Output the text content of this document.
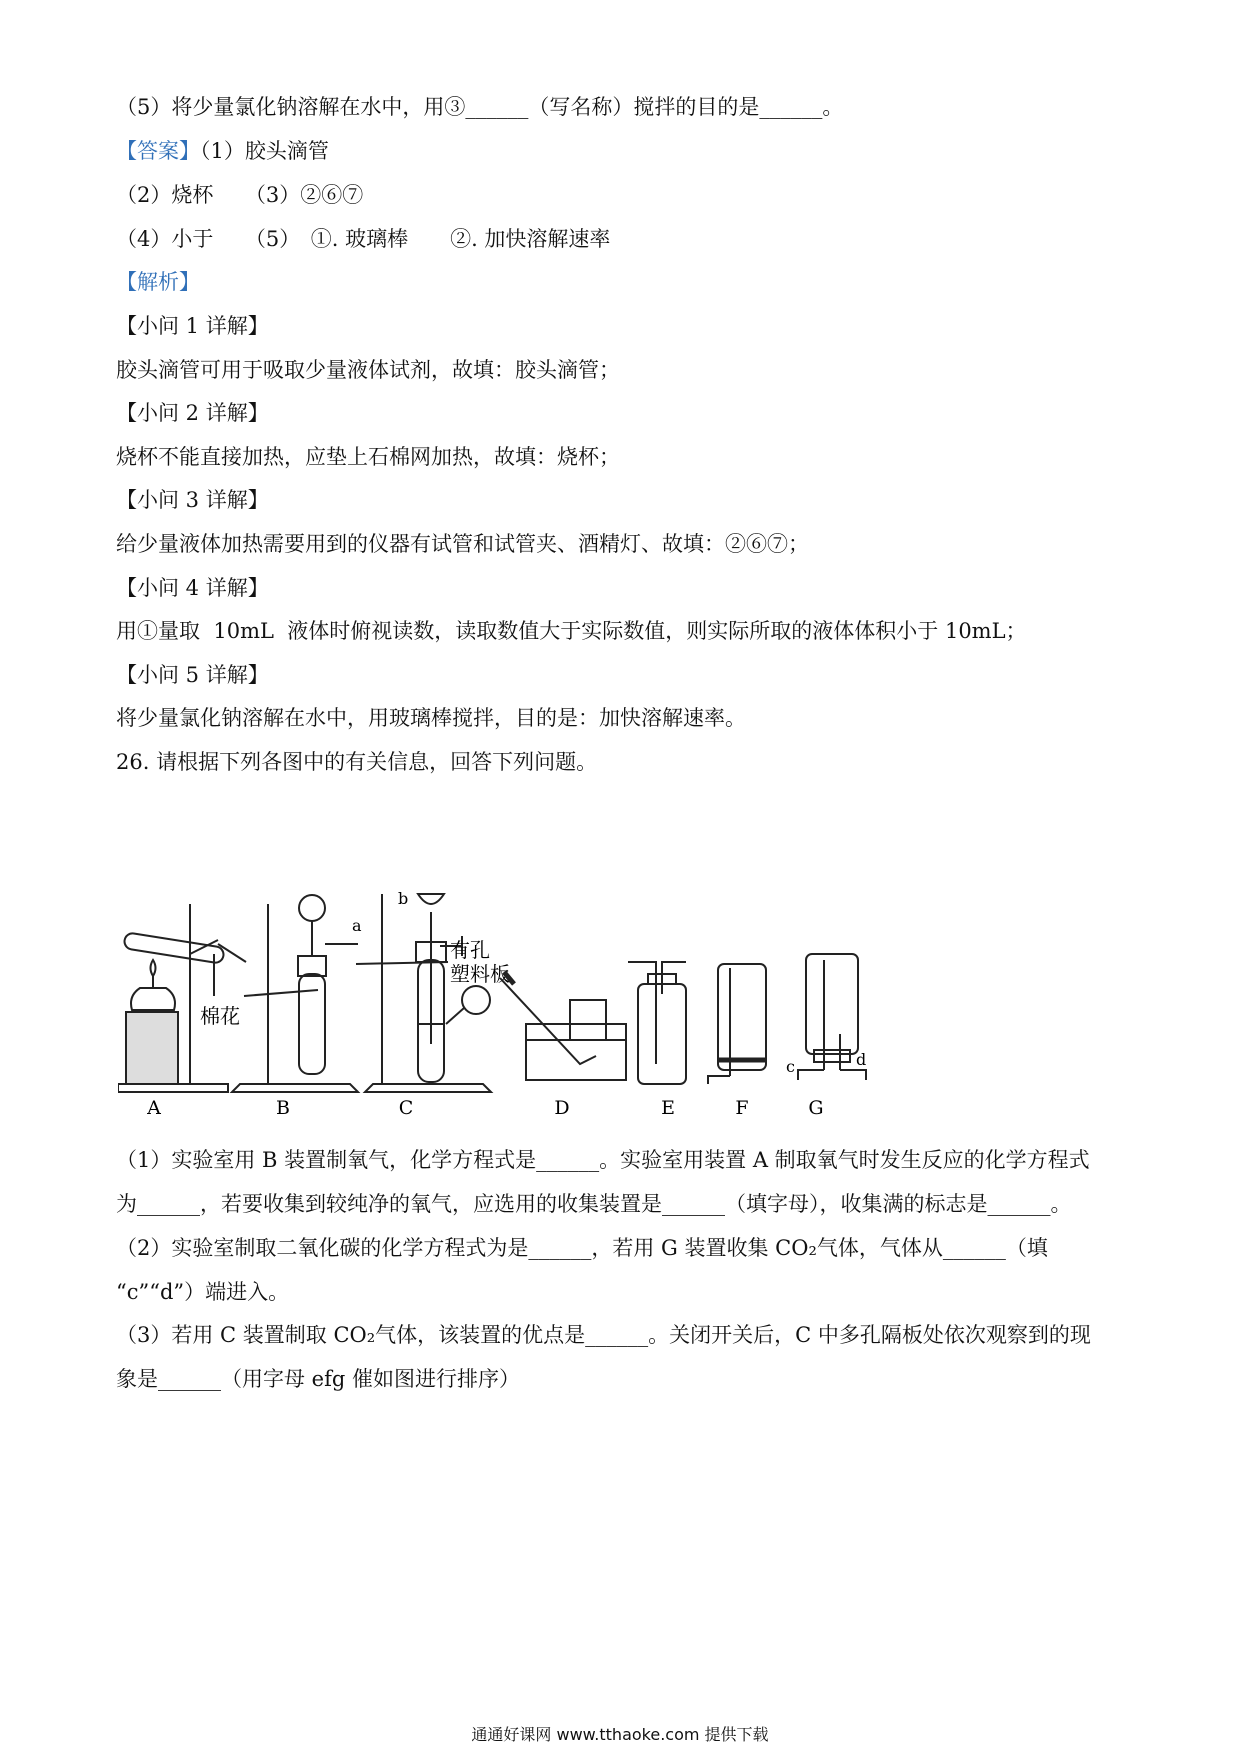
（5）将少量氯化钠溶解在水中，用③______（写名称）搅拌的目的是______。
【答案】（1）胶头滴管
（2）烧杯　　（3）②⑥⑦
（4）小于　　（5）　①. 玻璃棒　　②. 加快溶解速率
【解析】
【小问 1 详解】
胶头滴管可用于吸取少量液体试剂，故填：胶头滴管；
【小问 2 详解】
烧杯不能直接加热，应垫上石棉网加热，故填：烧杯；
【小问 3 详解】
给少量液体加热需要用到的仪器有试管和试管夹、酒精灯、故填：②⑥⑦；
【小问 4 详解】
用①量取  10mL  液体时俯视读数，读取数值大于实际数值，则实际所取的液体体积小于 10mL；
【小问 5 详解】
将少量氯化钠溶解在水中，用玻璃棒搅拌，目的是：加快溶解速率。
26. 请根据下列各图中的有关信息，回答下列问题。
棉花
a
b
有孔
塑料板
c	d
A	B	C	D	E	F	G
（1）实验室用 B 装置制氧气，化学方程式是______。实验室用装置 A 制取氧气时发生反应的化学方程式
为______，若要收集到较纯净的氧气，应选用的收集装置是______（填字母），收集满的标志是______。
（2）实验室制取二氧化碳的化学方程式为是______，若用 G 装置收集 CO₂气体，气体从______（填
“c”“d”）端进入。
（3）若用 C 装置制取 CO₂气体，该装置的优点是______。关闭开关后，C 中多孔隔板处依次观察到的现
象是______（用字母 efg 催如图进行排序）
通通好课网 www.tthaoke.com 提供下载
